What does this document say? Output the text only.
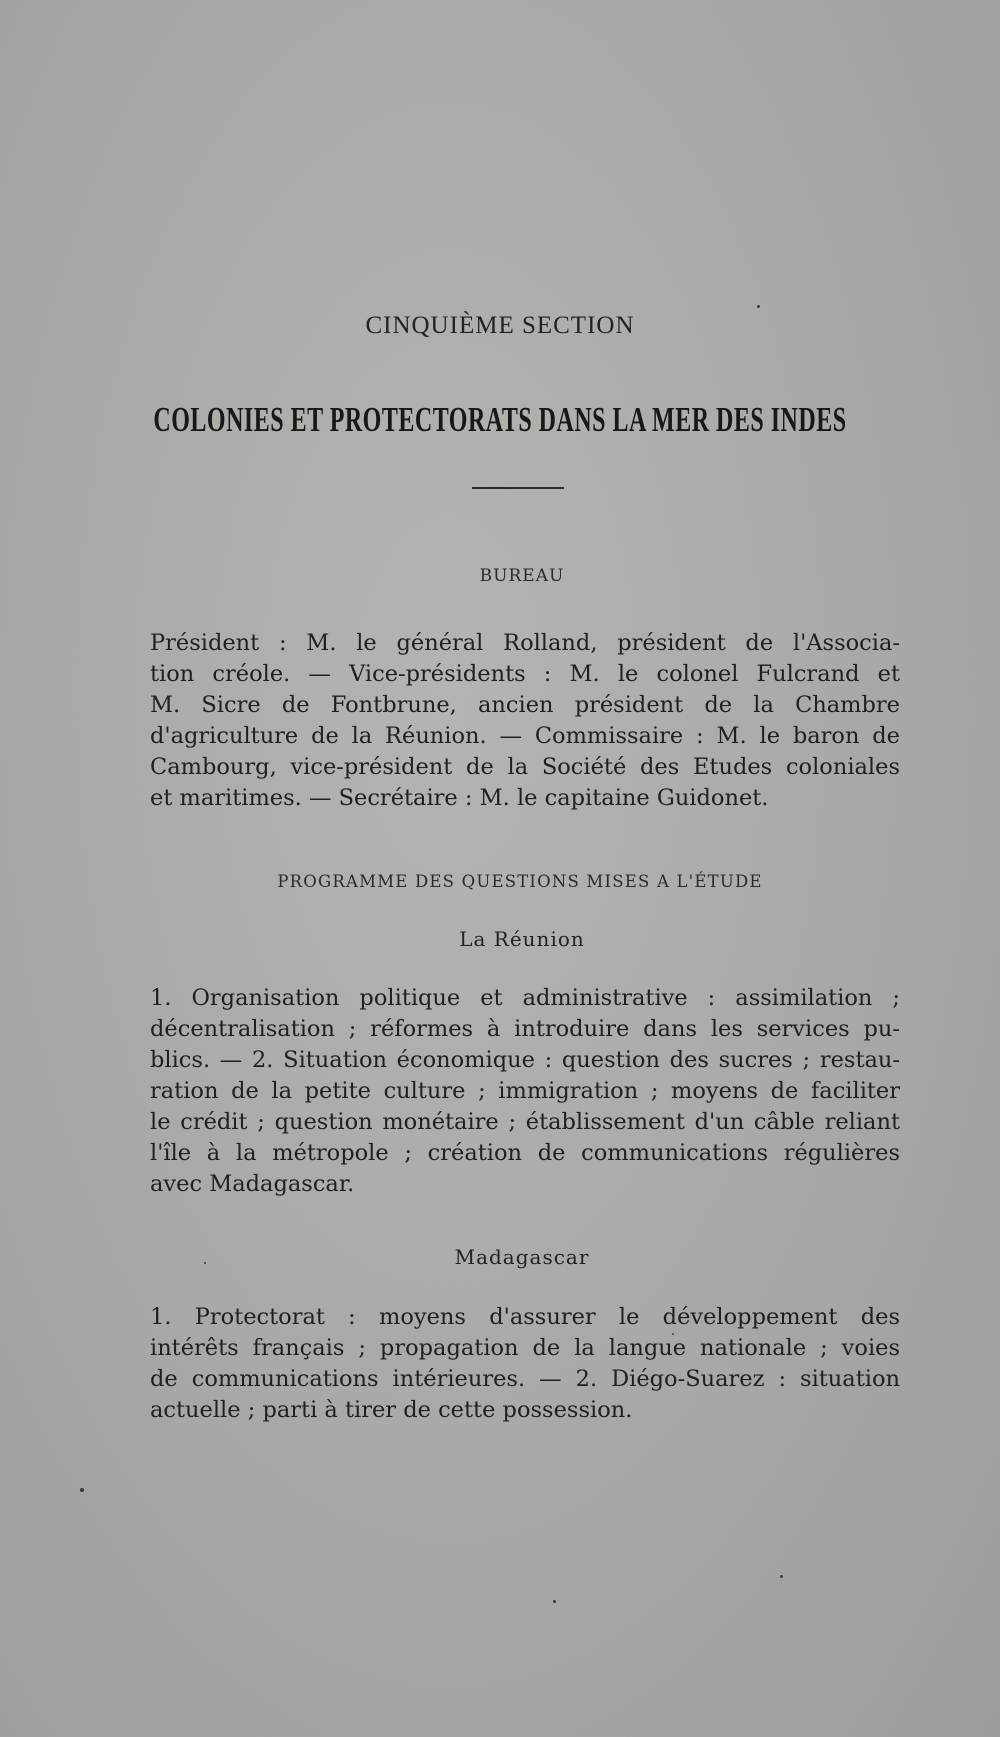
CINQUIÈME SECTION
COLONIES ET PROTECTORATS DANS LA MER DES INDES
BUREAU
Président : M. le général Rolland, président de l'Associa-
tion créole. — Vice-présidents : M. le colonel Fulcrand et
M. Sicre de Fontbrune, ancien président de la Chambre
d'agriculture de la Réunion. — Commissaire : M. le baron de
Cambourg, vice-président de la Société des Etudes coloniales
et maritimes. — Secrétaire : M. le capitaine Guidonet.
PROGRAMME DES QUESTIONS MISES A L'ÉTUDE
La Réunion
1. Organisation politique et administrative : assimilation ;
décentralisation ; réformes à introduire dans les services pu-
blics. — 2. Situation économique : question des sucres ; restau-
ration de la petite culture ; immigration ; moyens de faciliter
le crédit ; question monétaire ; établissement d'un câble reliant
l'île à la métropole ; création de communications régulières
avec Madagascar.
Madagascar
1. Protectorat : moyens d'assurer le développement des
intérêts français ; propagation de la langue nationale ; voies
de communications intérieures. — 2. Diégo-Suarez : situation
actuelle ; parti à tirer de cette possession.
